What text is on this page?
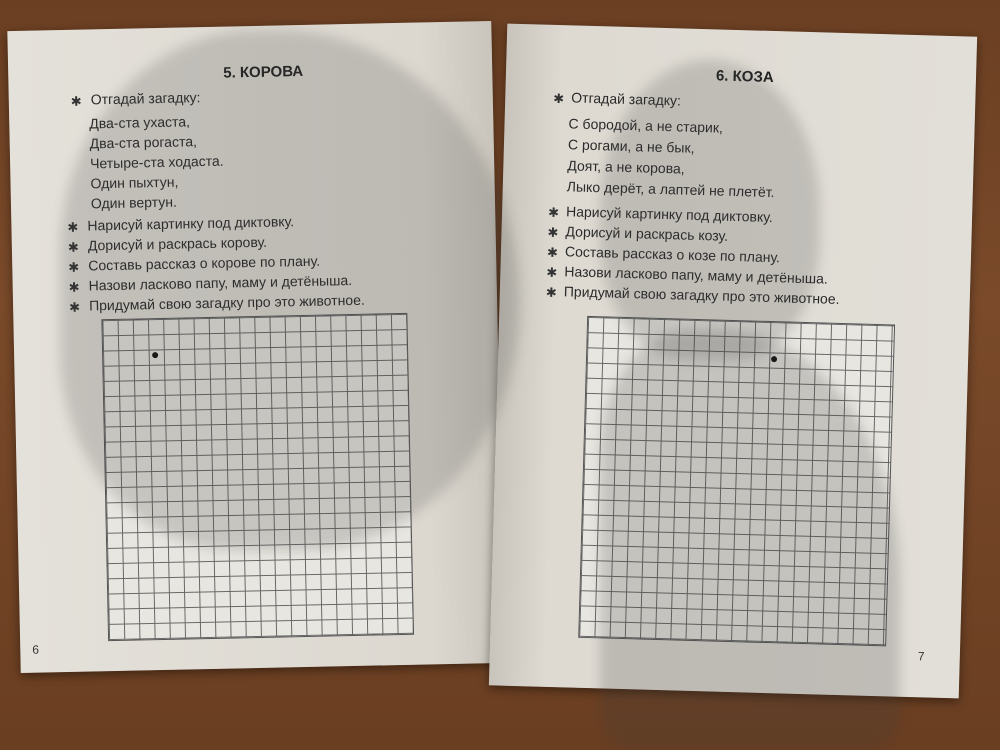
5. КОРОВА
✱ Отгадай загадку:
Два-ста ухаста,
Два-ста рогаста,
Четыре-ста ходаста.
Один пыхтун,
Один вертун.
✱ Нарисуй картинку под диктовку.
✱ Дорисуй и раскрась корову.
✱ Составь рассказ о корове по плану.
✱ Назови ласково папу, маму и детёныша.
✱ Придумай свою загадку про это животное.
6
6. КОЗА
✱ Отгадай загадку:
С бородой, а не старик,
С рогами, а не бык,
Доят, а не корова,
Лыко дерёт, а лаптей не плетёт.
✱ Нарисуй картинку под диктовку.
✱ Дорисуй и раскрась козу.
✱ Составь рассказ о козе по плану.
✱ Назови ласково папу, маму и детёныша.
✱ Придумай свою загадку про это животное.
7
